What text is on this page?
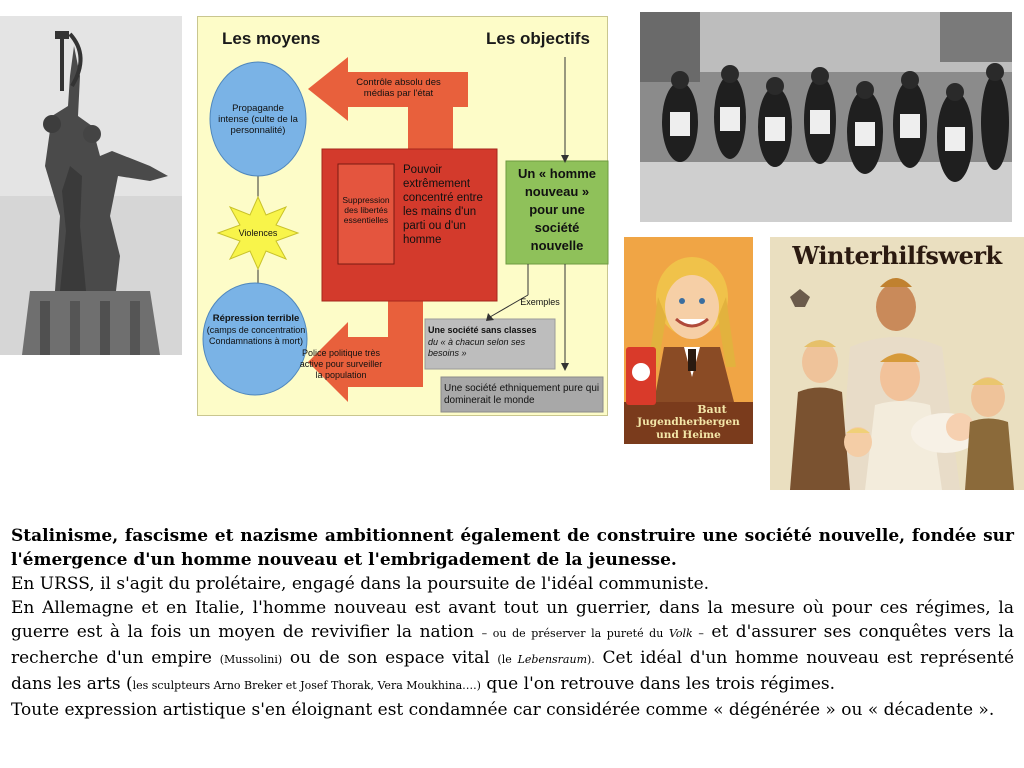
Les moyens	Les objectifs
Propagande intense (culte de la personnalité)
Contrôle absolu des médias par l'état
Violences
Répression terrible
(camps de concentration Condamnations à mort)
Suppression des libertés essentielles
Pouvoir extrêmement concentré entre les mains d'un parti ou d'un homme
Un « homme nouveau » pour une société nouvelle
Exemples
Police politique très active pour surveiller la population
Une société sans classes
du « à chacun selon ses besoins »
Une société ethniquement pure qui dominerait le monde
Baut
Jugendherbergen
und Heime
Winterhilfswerk

Stalinisme, fascisme et nazisme ambitionnent également de construire une société nouvelle, fondée sur l'émergence d'un homme nouveau et l'embrigadement de la jeunesse.

En URSS, il s'agit du prolétaire, engagé dans la poursuite de l'idéal communiste.

En Allemagne et en Italie, l'homme nouveau est avant tout un guerrier, dans la mesure où pour ces régimes, la guerre est à la fois un moyen de revivifier la nation – ou de préserver la pureté du Volk – et d'assurer ses conquêtes vers la recherche d'un empire (Mussolini) ou de son espace vital (le Lebensraum). Cet idéal d'un homme nouveau est représenté dans les arts (les sculpteurs Arno Breker et Josef Thorak, Vera Moukhina….) que l'on retrouve dans les trois régimes.

Toute expression artistique s'en éloignant est condamnée car considérée comme « dégénérée » ou « décadente ».
